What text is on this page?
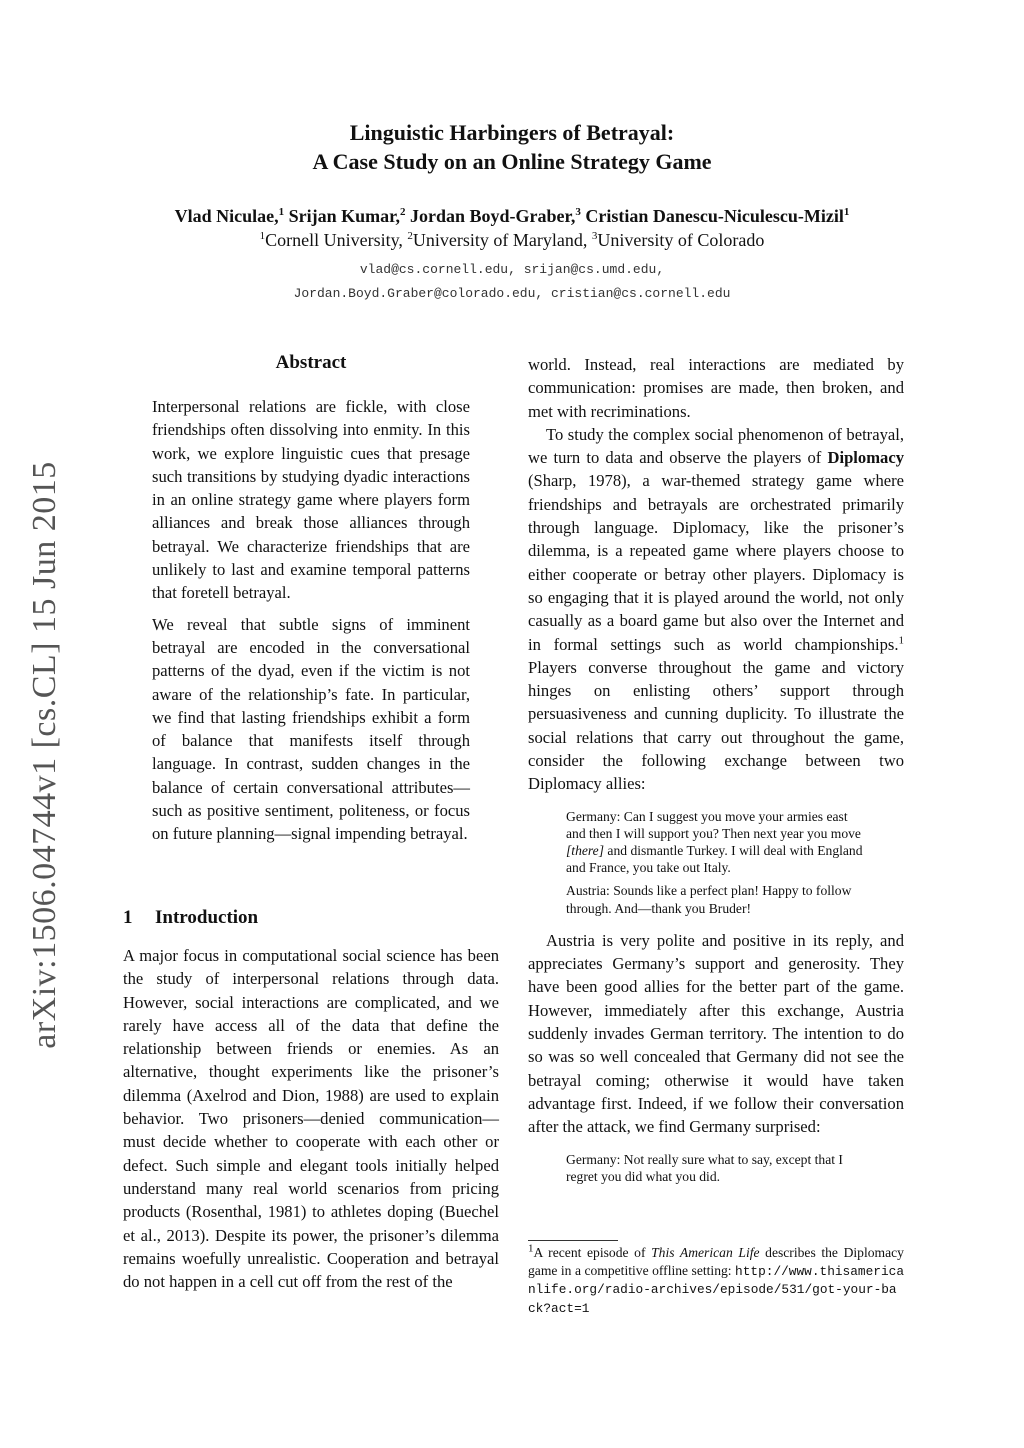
arXiv:1506.04744v1 [cs.CL] 15 Jun 2015
Linguistic Harbingers of Betrayal:
A Case Study on an Online Strategy Game
Vlad Niculae,$^1$ Srijan Kumar,$^2$ Jordan Boyd-Graber,$^3$ Cristian Danescu-Niculescu-Mizil$^1$
$^1$Cornell University, $^2$University of Maryland, $^3$University of Colorado
vlad@cs.cornell.edu, srijan@cs.umd.edu,
Jordan.Boyd.Graber@colorado.edu, cristian@cs.cornell.edu
Abstract

Interpersonal relations are fickle, with close friendships often dissolving into enmity. In this work, we explore linguistic cues that presage such transitions by studying dyadic interactions in an online strategy game where players form alliances and break those alliances through betrayal. We characterize friendships that are unlikely to last and examine temporal patterns that foretell betrayal.

We reveal that subtle signs of imminent betrayal are encoded in the conversational patterns of the dyad, even if the victim is not aware of the relationship’s fate. In particular, we find that lasting friendships exhibit a form of balance that manifests itself through language. In contrast, sudden changes in the balance of certain conversational attributes—such as positive sentiment, politeness, or focus on future planning—signal impending betrayal.

1 Introduction

A major focus in computational social science has been the study of interpersonal relations through data. However, social interactions are complicated, and we rarely have access all of the data that define the relationship between friends or enemies. As an alternative, thought experiments like the prisoner’s dilemma (Axelrod and Dion, 1988) are used to explain behavior. Two prisoners—denied communication—must decide whether to cooperate with each other or defect. Such simple and elegant tools initially helped understand many real world scenarios from pricing products (Rosenthal, 1981) to athletes doping (Buechel et al., 2013). Despite its power, the prisoner’s dilemma remains woefully unrealistic. Cooperation and betrayal do not happen in a cell cut off from the rest of the

world. Instead, real interactions are mediated by communication: promises are made, then broken, and met with recriminations.

To study the complex social phenomenon of betrayal, we turn to data and observe the players of Diplomacy (Sharp, 1978), a war-themed strategy game where friendships and betrayals are orchestrated primarily through language. Diplomacy, like the prisoner’s dilemma, is a repeated game where players choose to either cooperate or betray other players. Diplomacy is so engaging that it is played around the world, not only casually as a board game but also over the Internet and in formal settings such as world championships.$^1$ Players converse throughout the game and victory hinges on enlisting others’ support through persuasiveness and cunning duplicity. To illustrate the social relations that carry out throughout the game, consider the following exchange between two Diplomacy allies:

Germany: Can I suggest you move your armies east and then I will support you? Then next year you move [there] and dismantle Turkey. I will deal with England and France, you take out Italy.

Austria: Sounds like a perfect plan! Happy to follow through. And—thank you Bruder!

Austria is very polite and positive in its reply, and appreciates Germany’s support and generosity. They have been good allies for the better part of the game. However, immediately after this exchange, Austria suddenly invades German territory. The intention to do so was so well concealed that Germany did not see the betrayal coming; otherwise it would have taken advantage first. Indeed, if we follow their conversation after the attack, we find Germany surprised:

Germany: Not really sure what to say, except that I regret you did what you did.

$^1$A recent episode of This American Life describes the Diplomacy game in a competitive offline setting: http://www.thisamericanlife.org/radio-archives/episode/531/got-your-back?act=1
